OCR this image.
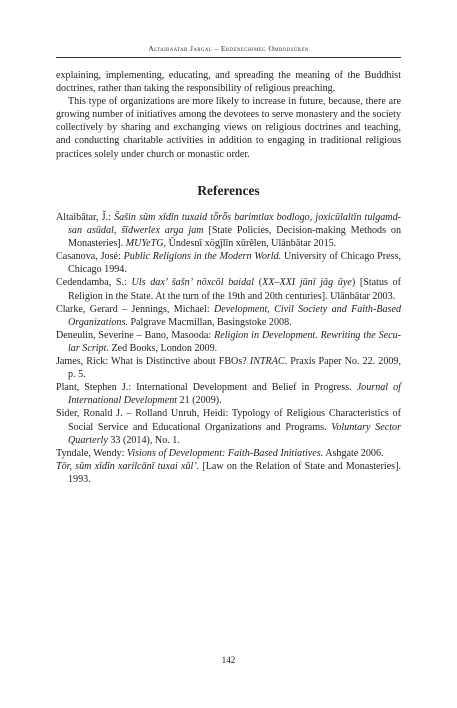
Altaibaatar Jargal – Erdenechimeg Ombodsüren

explaining, implementing, educating, and spreading the meaning of the Buddhist doctrines, rather than taking the responsibility of religious preaching.

This type of organizations are more likely to increase in future, because, there are growing number of initiatives among the devotees to serve monastery and the society collectively by sharing and exchanging views on religious doctrines and teaching, and conducting charitable activities in addition to engaging in traditional religious practices solely under church or monastic order.

References
Altaibātar, J̌.: Šašin sŭm xīdīn tuxaid tȫrȫs barimtlax bodlogo, joxicūlaltīn tulgamd-san asūdal, šīdwerlex arga jam [State Policies, Decision-making Methods on Monasteries]. MUYeTG, Ūndesnī xögǰlīn xūrēlen, Ulānbātar 2015.
Casanova, José: Public Religions in the Modern World. University of Chicago Press, Chicago 1994.
Cedendamba, S.: Uls dax’ šašn’ nŏxcŏl baidal (XX–XXI jūnī jāg ūye) [Status of Religion in the State. At the turn of the 19th and 20th centuries]. Ulānbātar 2003.
Clarke, Gerard – Jennings, Michael: Development, Civil Society and Faith-Based Organizations. Palgrave Macmillan, Basingstoke 2008.
Deneulin, Severine – Bano, Masooda: Religion in Development. Rewriting the Secu-lar Script. Zed Books, London 2009.
James, Rick: What is Distinctive about FBOs? INTRAC. Praxis Paper No. 22. 2009, p. 5.
Plant, Stephen J.: International Development and Belief in Progress. Journal of International Development 21 (2009).
Sider, Ronald J. – Rolland Unruh, Heidi: Typology of Religious Characteristics of Social Service and Educational Organizations and Programs. Voluntary Sector Quarterly 33 (2014), No. 1.
Tyndale, Wendy: Visions of Development: Faith-Based Initiatives. Ashgate 2006.
Tōr, sŭm xīdīn xarilcānī tuxai xūl’. [Law on the Relation of State and Monasteries]. 1993.
142
